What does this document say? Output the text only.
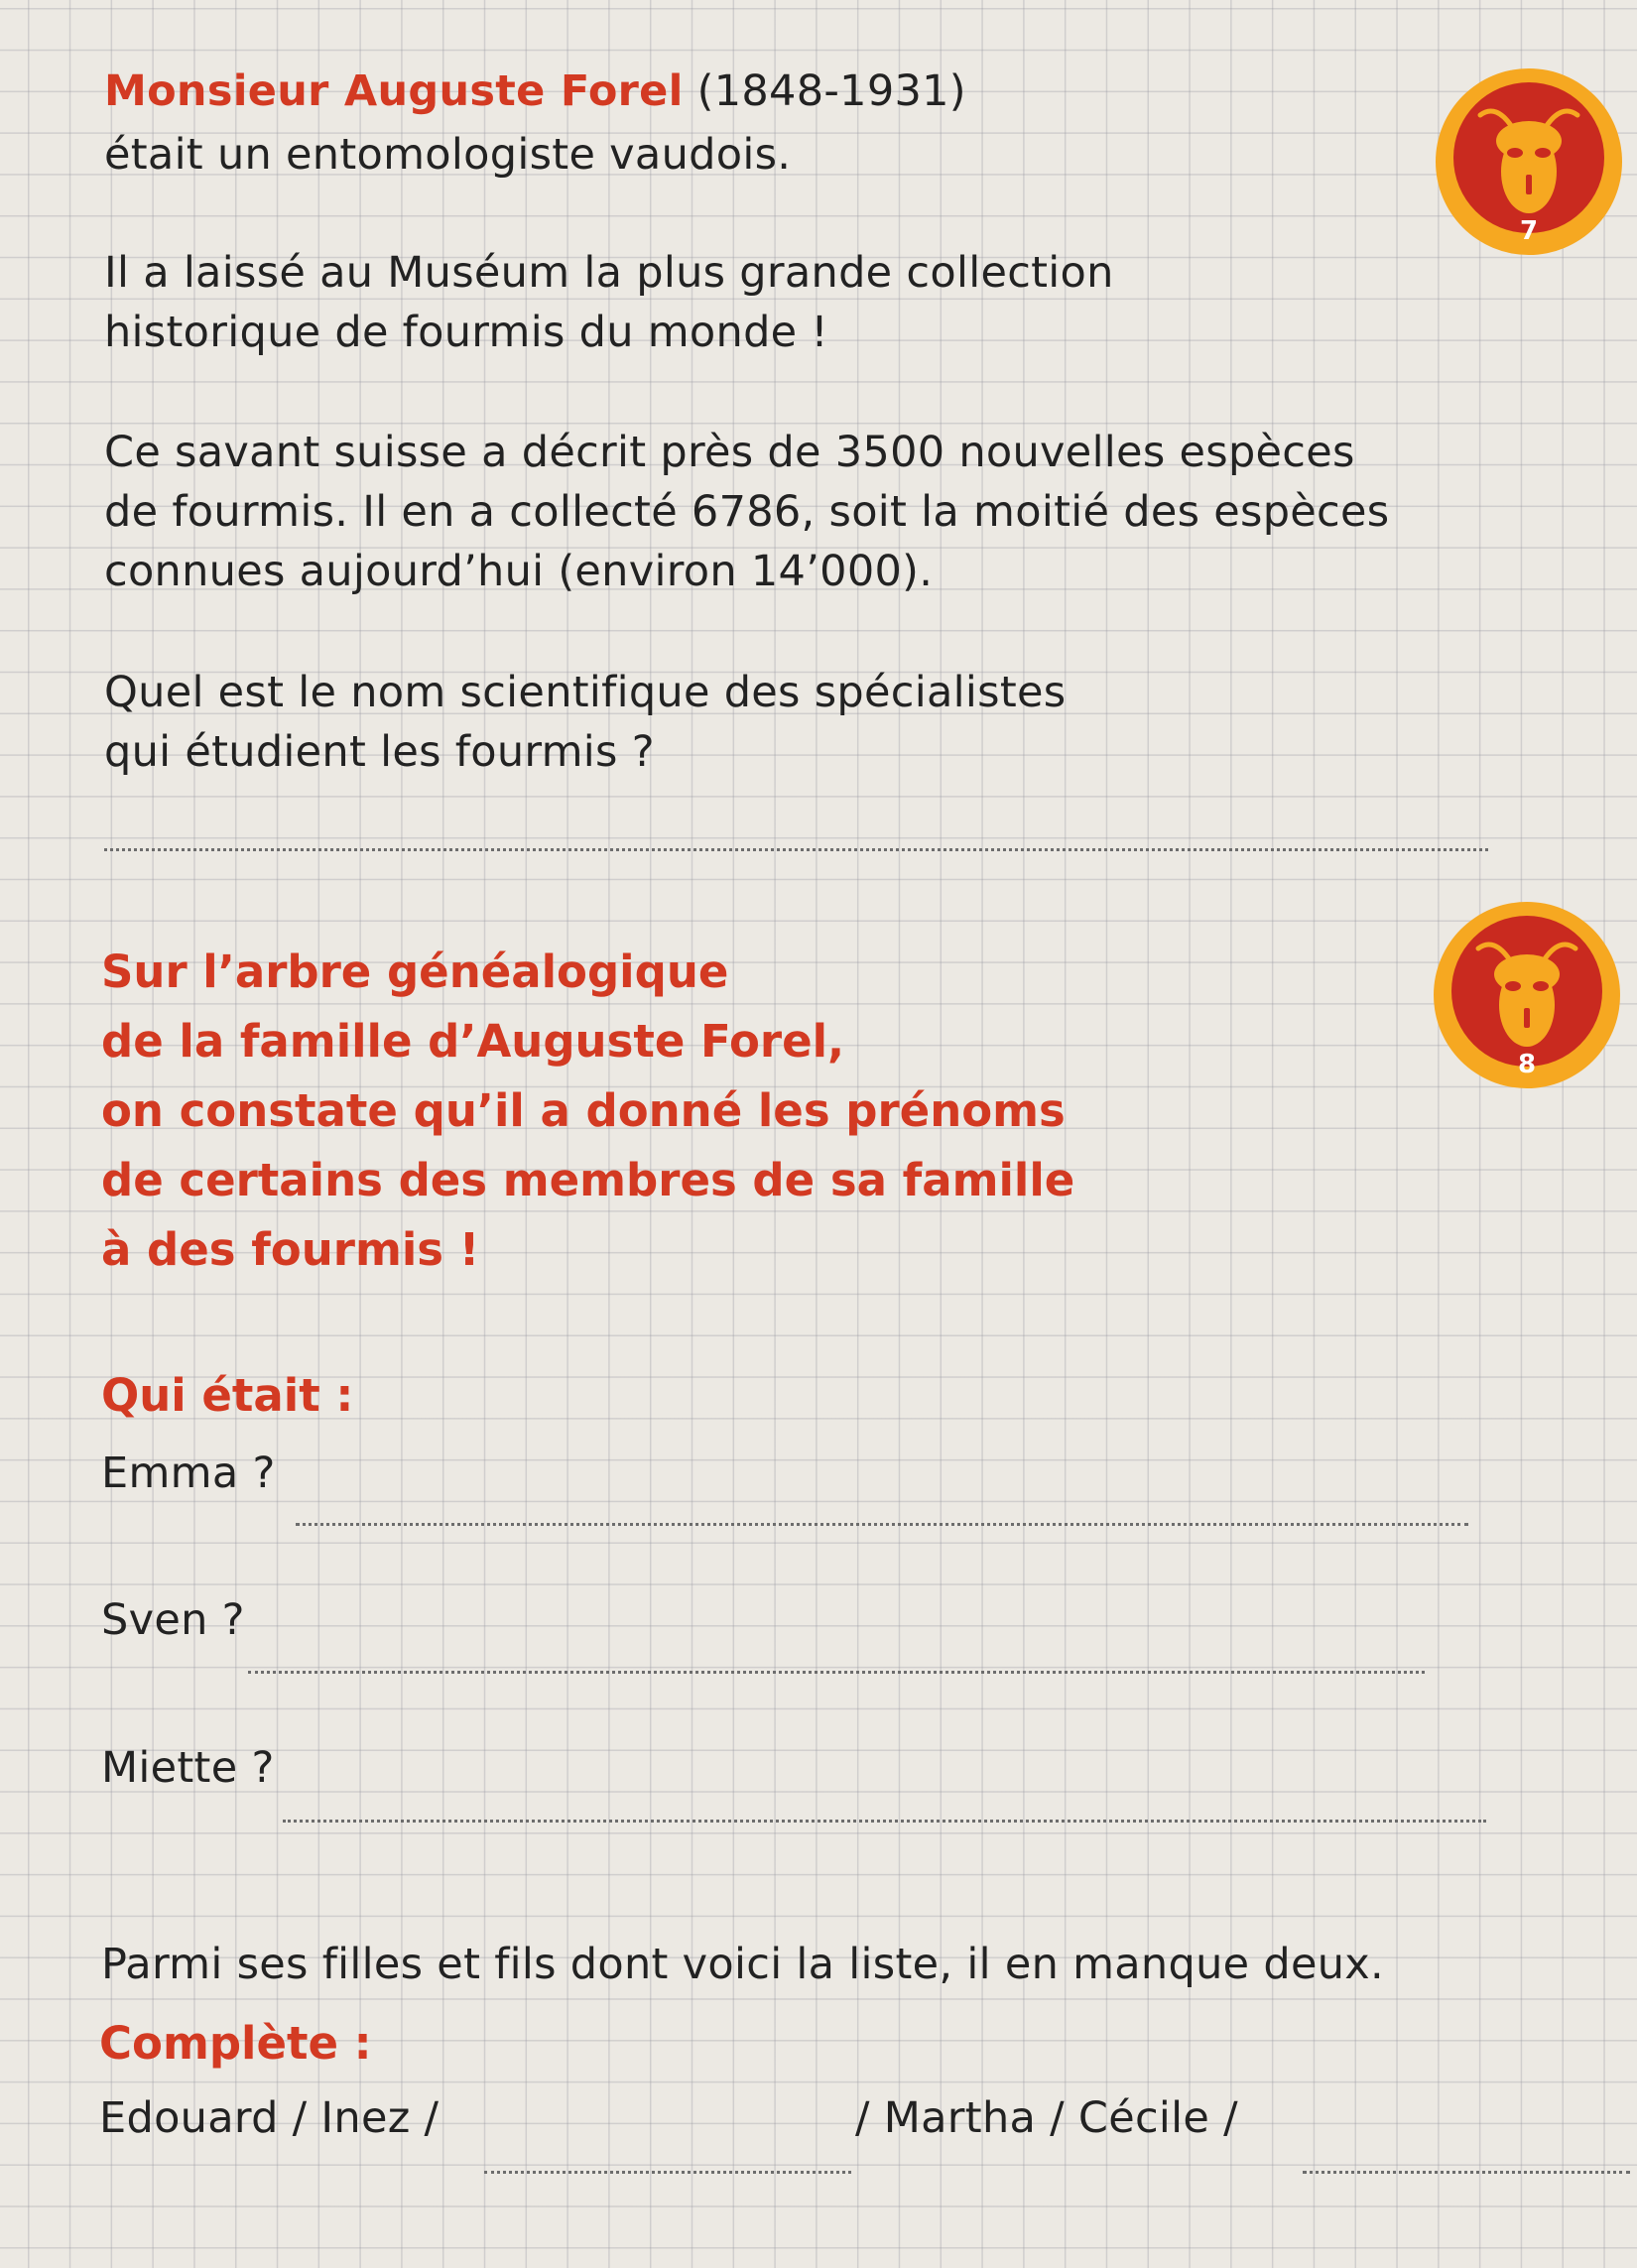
7
Monsieur Auguste Forel (1848-1931)
était un entomologiste vaudois.
Il a laissé au Muséum la plus grande collection
historique de fourmis du monde !
Ce savant suisse a décrit près de 3500 nouvelles espèces
de fourmis. Il en a collecté 6786, soit la moitié des espèces
connues aujourd’hui (environ 14’000).
Quel est le nom scientifique des spécialistes
qui étudient les fourmis ?
8
Sur l’arbre généalogique
de la famille d’Auguste Forel,
on constate qu’il a donné les prénoms
de certains des membres de sa famille
à des fourmis !
Qui était :
Emma ?
Sven ?
Miette ?
Parmi ses filles et fils dont voici la liste, il en manque deux.
Complète :
Edouard / Inez /	/ Martha / Cécile /
